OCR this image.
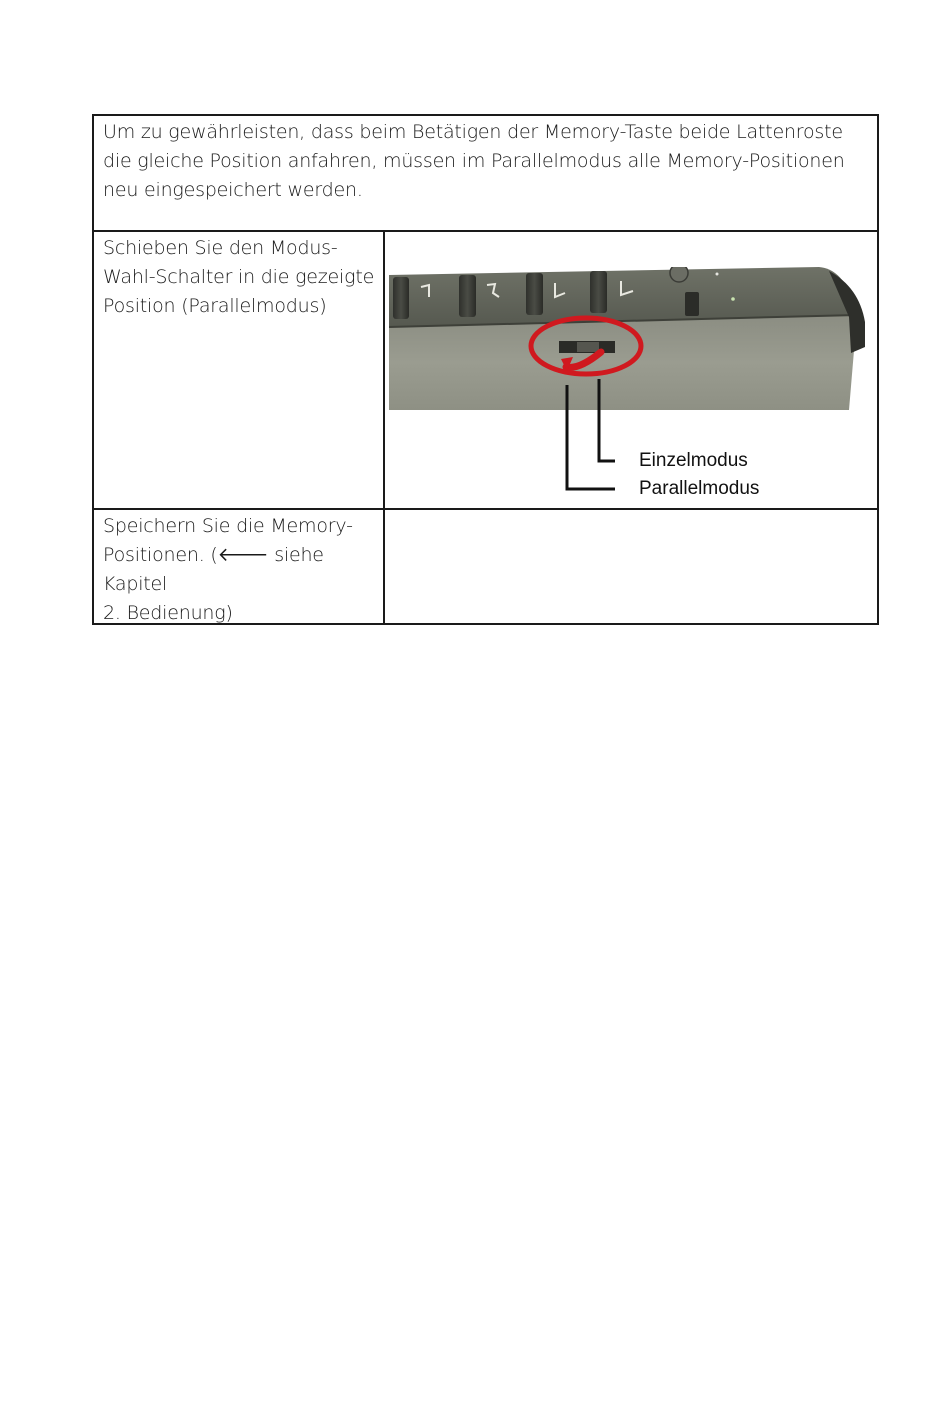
Um zu gewährleisten, dass beim Betätigen der Memory-Taste beide Lattenroste die gleiche Position anfahren, müssen im Parallelmodus alle Memory-Positionen neu eingespeichert werden.
Schieben Sie den Modus-
Wahl-Schalter in die gezeigte
Position (Parallelmodus)
Einzelmodus
Parallelmodus
Speichern Sie die Memory-
Positionen. (🡐 siehe Kapitel
2. Bedienung)
